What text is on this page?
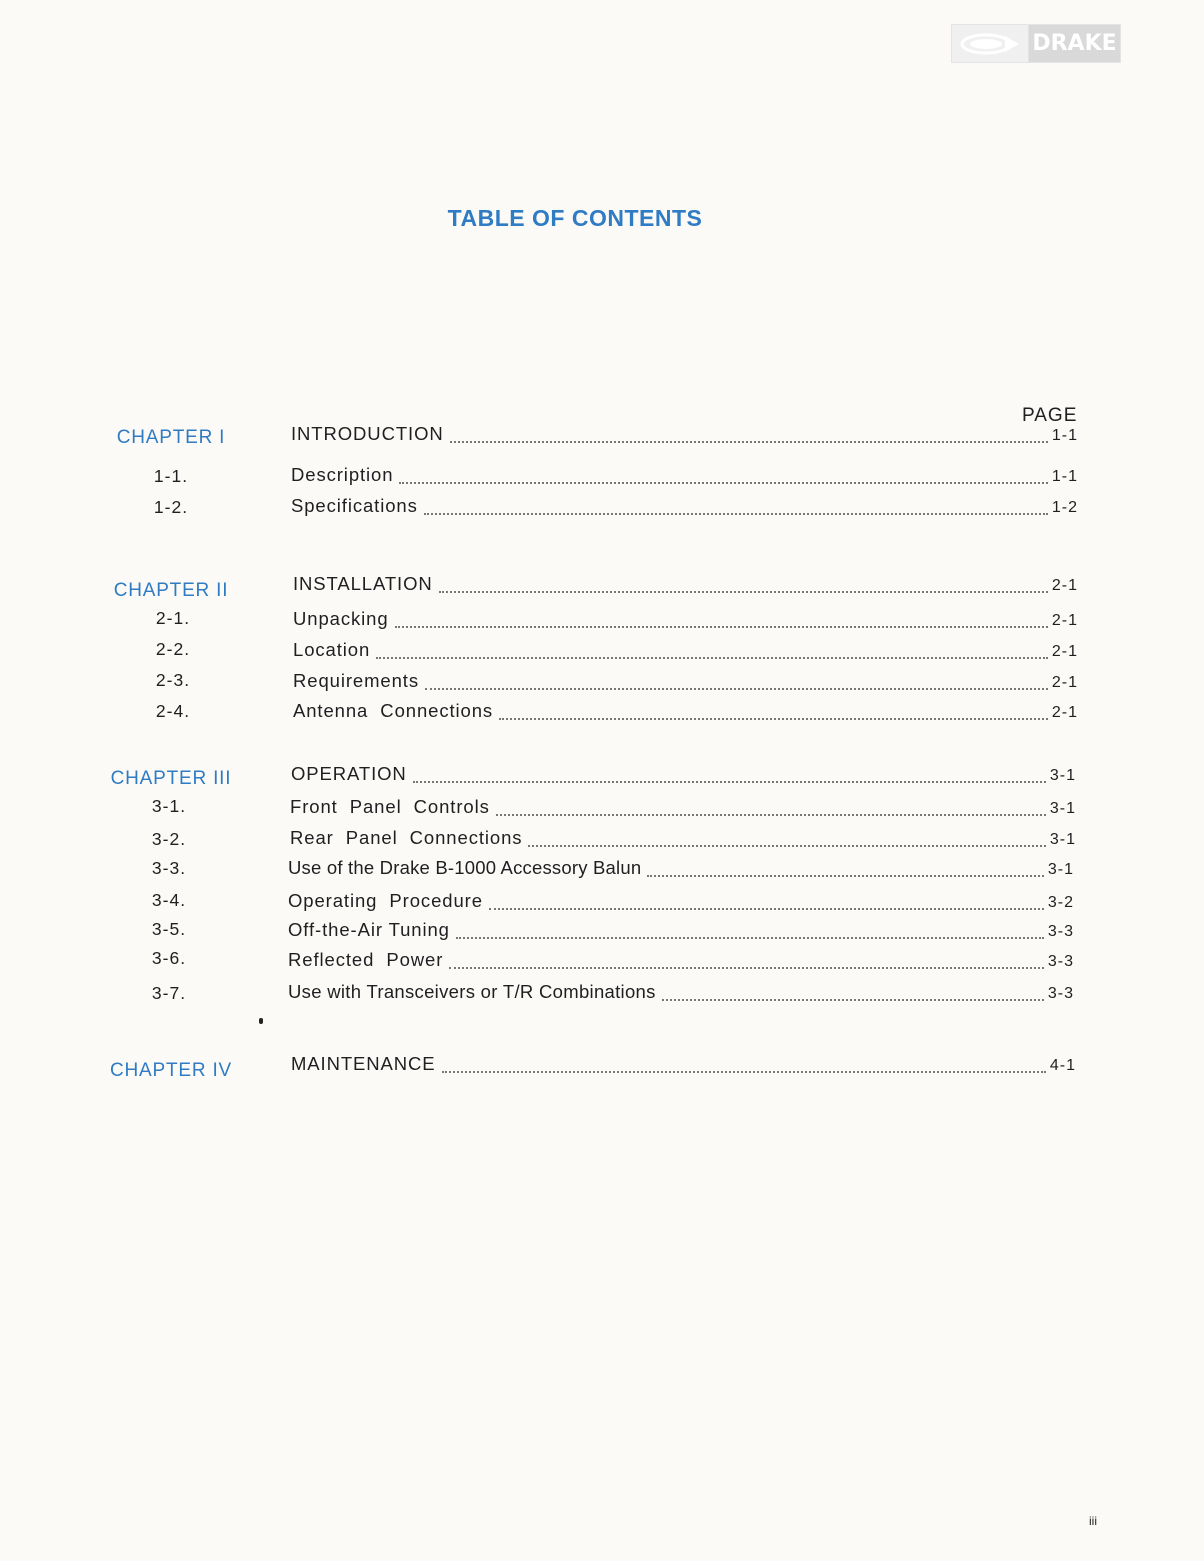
DRAKE
TABLE OF CONTENTS
PAGE
CHAPTER I	INTRODUCTION	1-1
1-1.	Description	1-1
1-2.	Specifications	1-2
CHAPTER II	INSTALLATION	2-1
2-1.	Unpacking	2-1
2-2.	Location	2-1
2-3.	Requirements	2-1
2-4.	Antenna  Connections	2-1
CHAPTER III	OPERATION	3-1
3-1.	Front  Panel  Controls	3-1
3-2.	Rear  Panel  Connections	3-1
3-3.	Use of the Drake B-1000 Accessory Balun	3-1
3-4.	Operating  Procedure	3-2
3-5.	Off-the-Air Tuning	3-3
3-6.	Reflected  Power	3-3
3-7.	Use with Transceivers or T/R Combinations	3-3
CHAPTER IV	MAINTENANCE	4-1
iii
